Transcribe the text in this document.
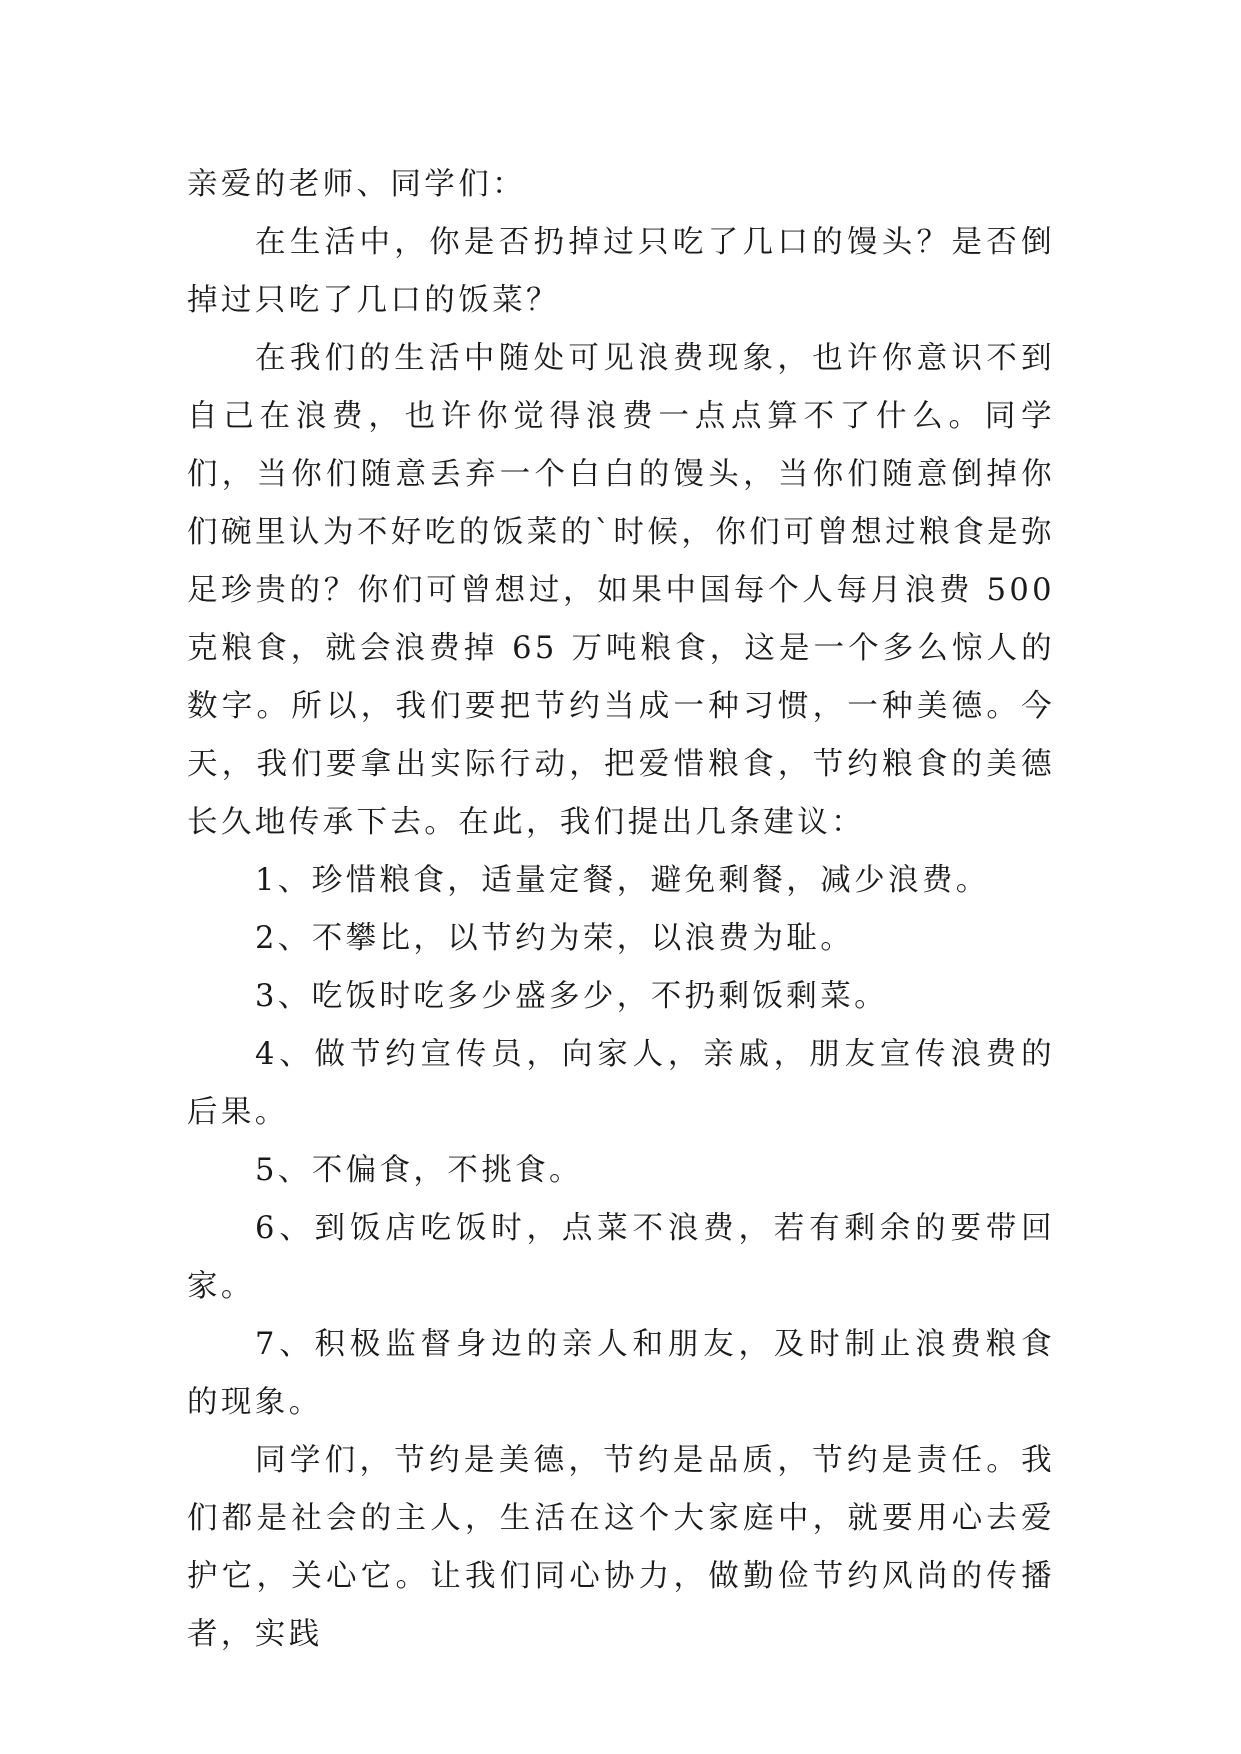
亲爱的老师、同学们：

在生活中，你是否扔掉过只吃了几口的馒头？是否倒掉过只吃了几口的饭菜？

在我们的生活中随处可见浪费现象，也许你意识不到自己在浪费，也许你觉得浪费一点点算不了什么。同学们，当你们随意丢弃一个白白的馒头，当你们随意倒掉你们碗里认为不好吃的饭菜的`时候，你们可曾想过粮食是弥足珍贵的？你们可曾想过，如果中国每个人每月浪费 500 克粮食，就会浪费掉 65 万吨粮食，这是一个多么惊人的数字。所以，我们要把节约当成一种习惯，一种美德。今天，我们要拿出实际行动，把爱惜粮食，节约粮食的美德长久地传承下去。在此，我们提出几条建议：

1、珍惜粮食，适量定餐，避免剩餐，减少浪费。

2、不攀比，以节约为荣，以浪费为耻。

3、吃饭时吃多少盛多少，不扔剩饭剩菜。

4、做节约宣传员，向家人，亲戚，朋友宣传浪费的后果。

5、不偏食，不挑食。

6、到饭店吃饭时，点菜不浪费，若有剩余的要带回家。

7、积极监督身边的亲人和朋友，及时制止浪费粮食的现象。

同学们，节约是美德，节约是品质，节约是责任。我们都是社会的主人，生活在这个大家庭中，就要用心去爱护它，关心它。让我们同心协力，做勤俭节约风尚的传播者，实践
